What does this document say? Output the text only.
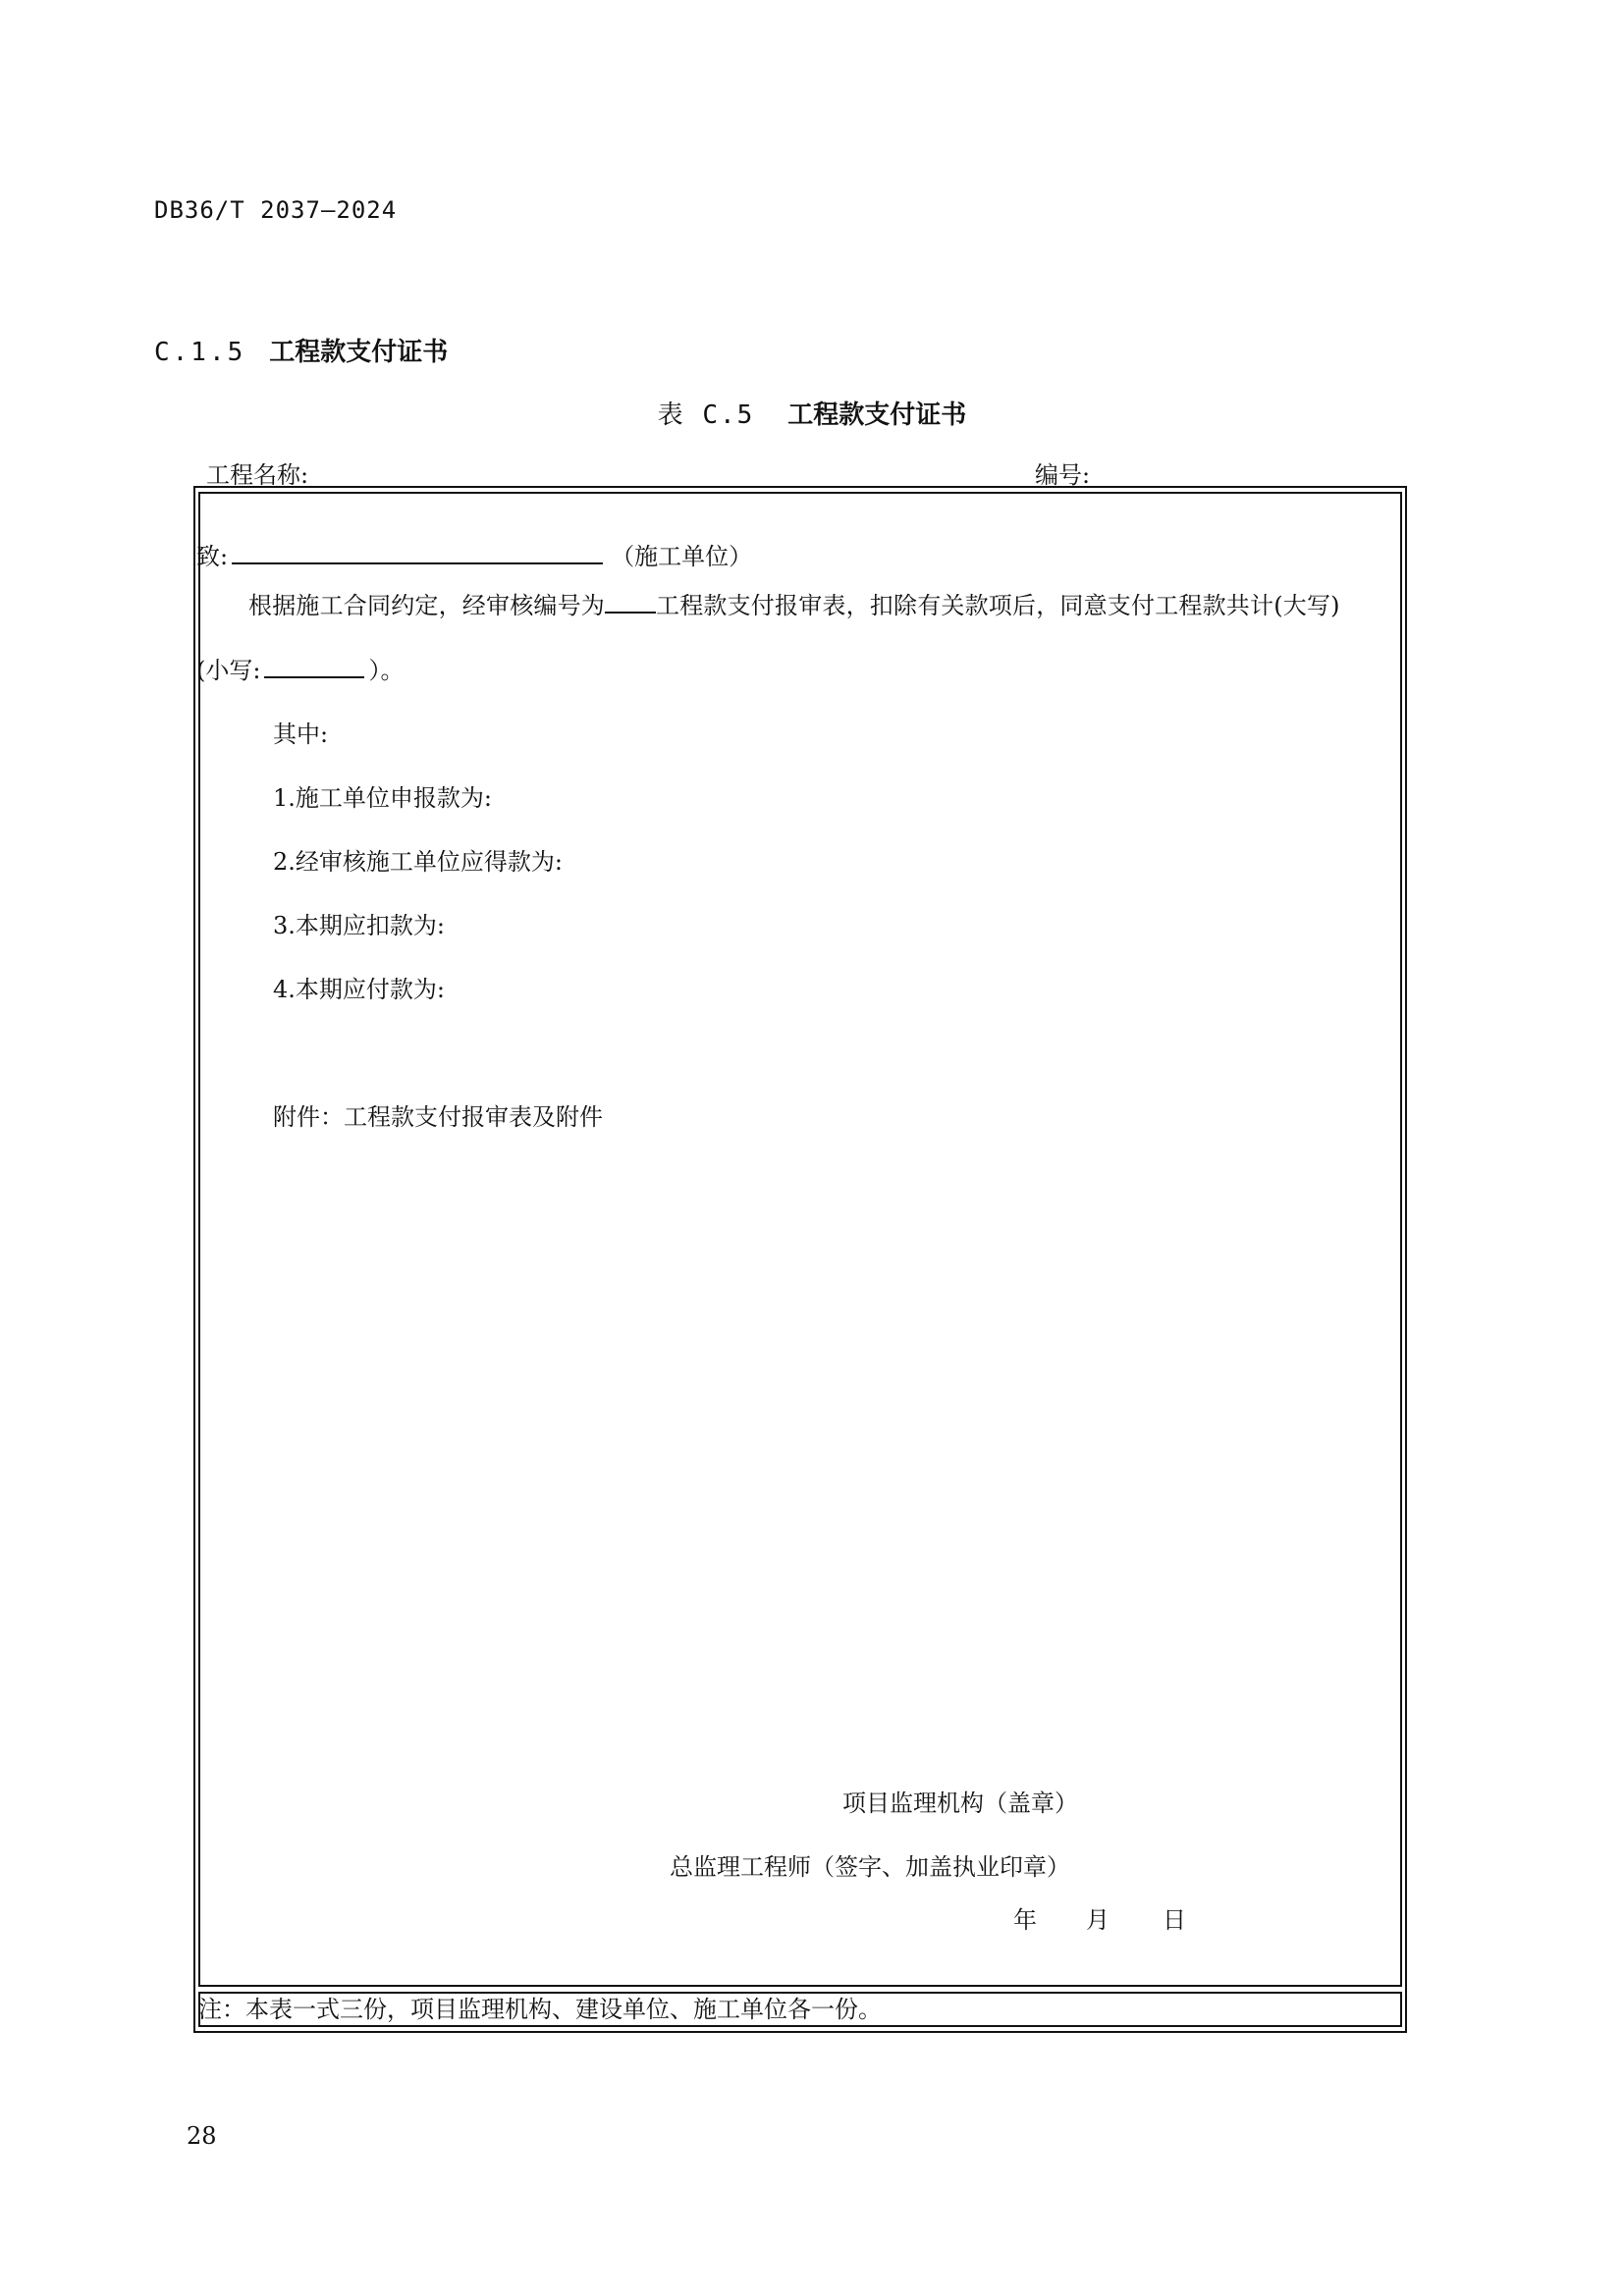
DB36/T 2037—2024
C.1.5 工程款支付证书
表 C.5 工程款支付证书
工程名称:	编号:
致:	（施工单位）
根据施工合同约定，经审核编号为 工程款支付报审表，扣除有关款项后，同意支付工程款共计(大写)
(小写:	）。
其中:
1.施工单位申报款为:
2.经审核施工单位应得款为:
3.本期应扣款为:
4.本期应付款为:
附件：工程款支付报审表及附件
项目监理机构（盖章）
总监理工程师（签字、加盖执业印章）
年 月 日
注：本表一式三份，项目监理机构、建设单位、施工单位各一份。
28
